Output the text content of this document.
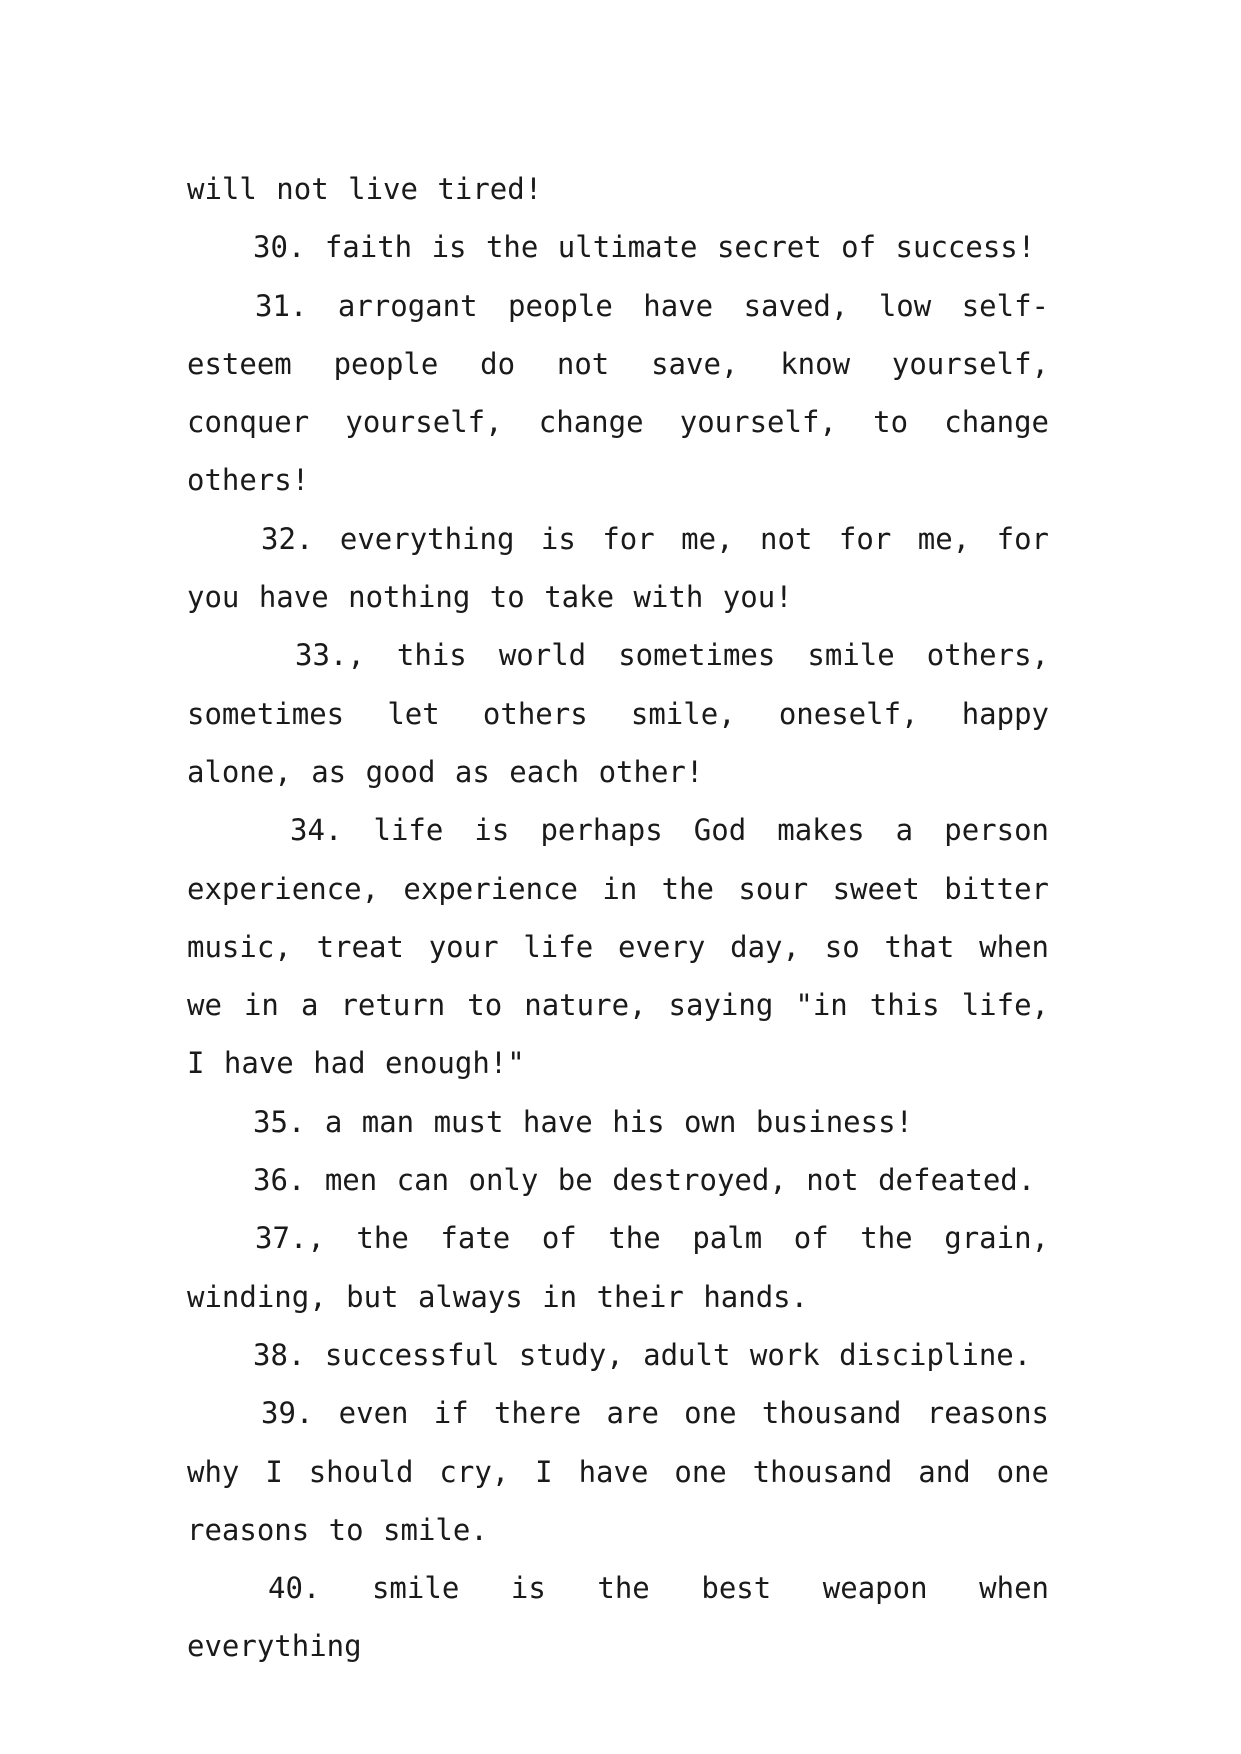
will not live tired!

30. faith is the ultimate secret of success!

31. arrogant people have saved, low self-esteem people do not save, know yourself, conquer yourself, change yourself, to change others!

32. everything is for me, not for me, for you have nothing to take with you!

33., this world sometimes smile others, sometimes let others smile, oneself, happy alone, as good as each other!

34. life is perhaps God makes a person experience, experience in the sour sweet bitter music, treat your life every day, so that when we in a return to nature, saying "in this life, I have had enough!"

35. a man must have his own business!

36. men can only be destroyed, not defeated.

37., the fate of the palm of the grain, winding, but always in their hands.

38. successful study, adult work discipline.

39. even if there are one thousand reasons why I should cry, I have one thousand and one reasons to smile.

40. smile is the best weapon when everything
